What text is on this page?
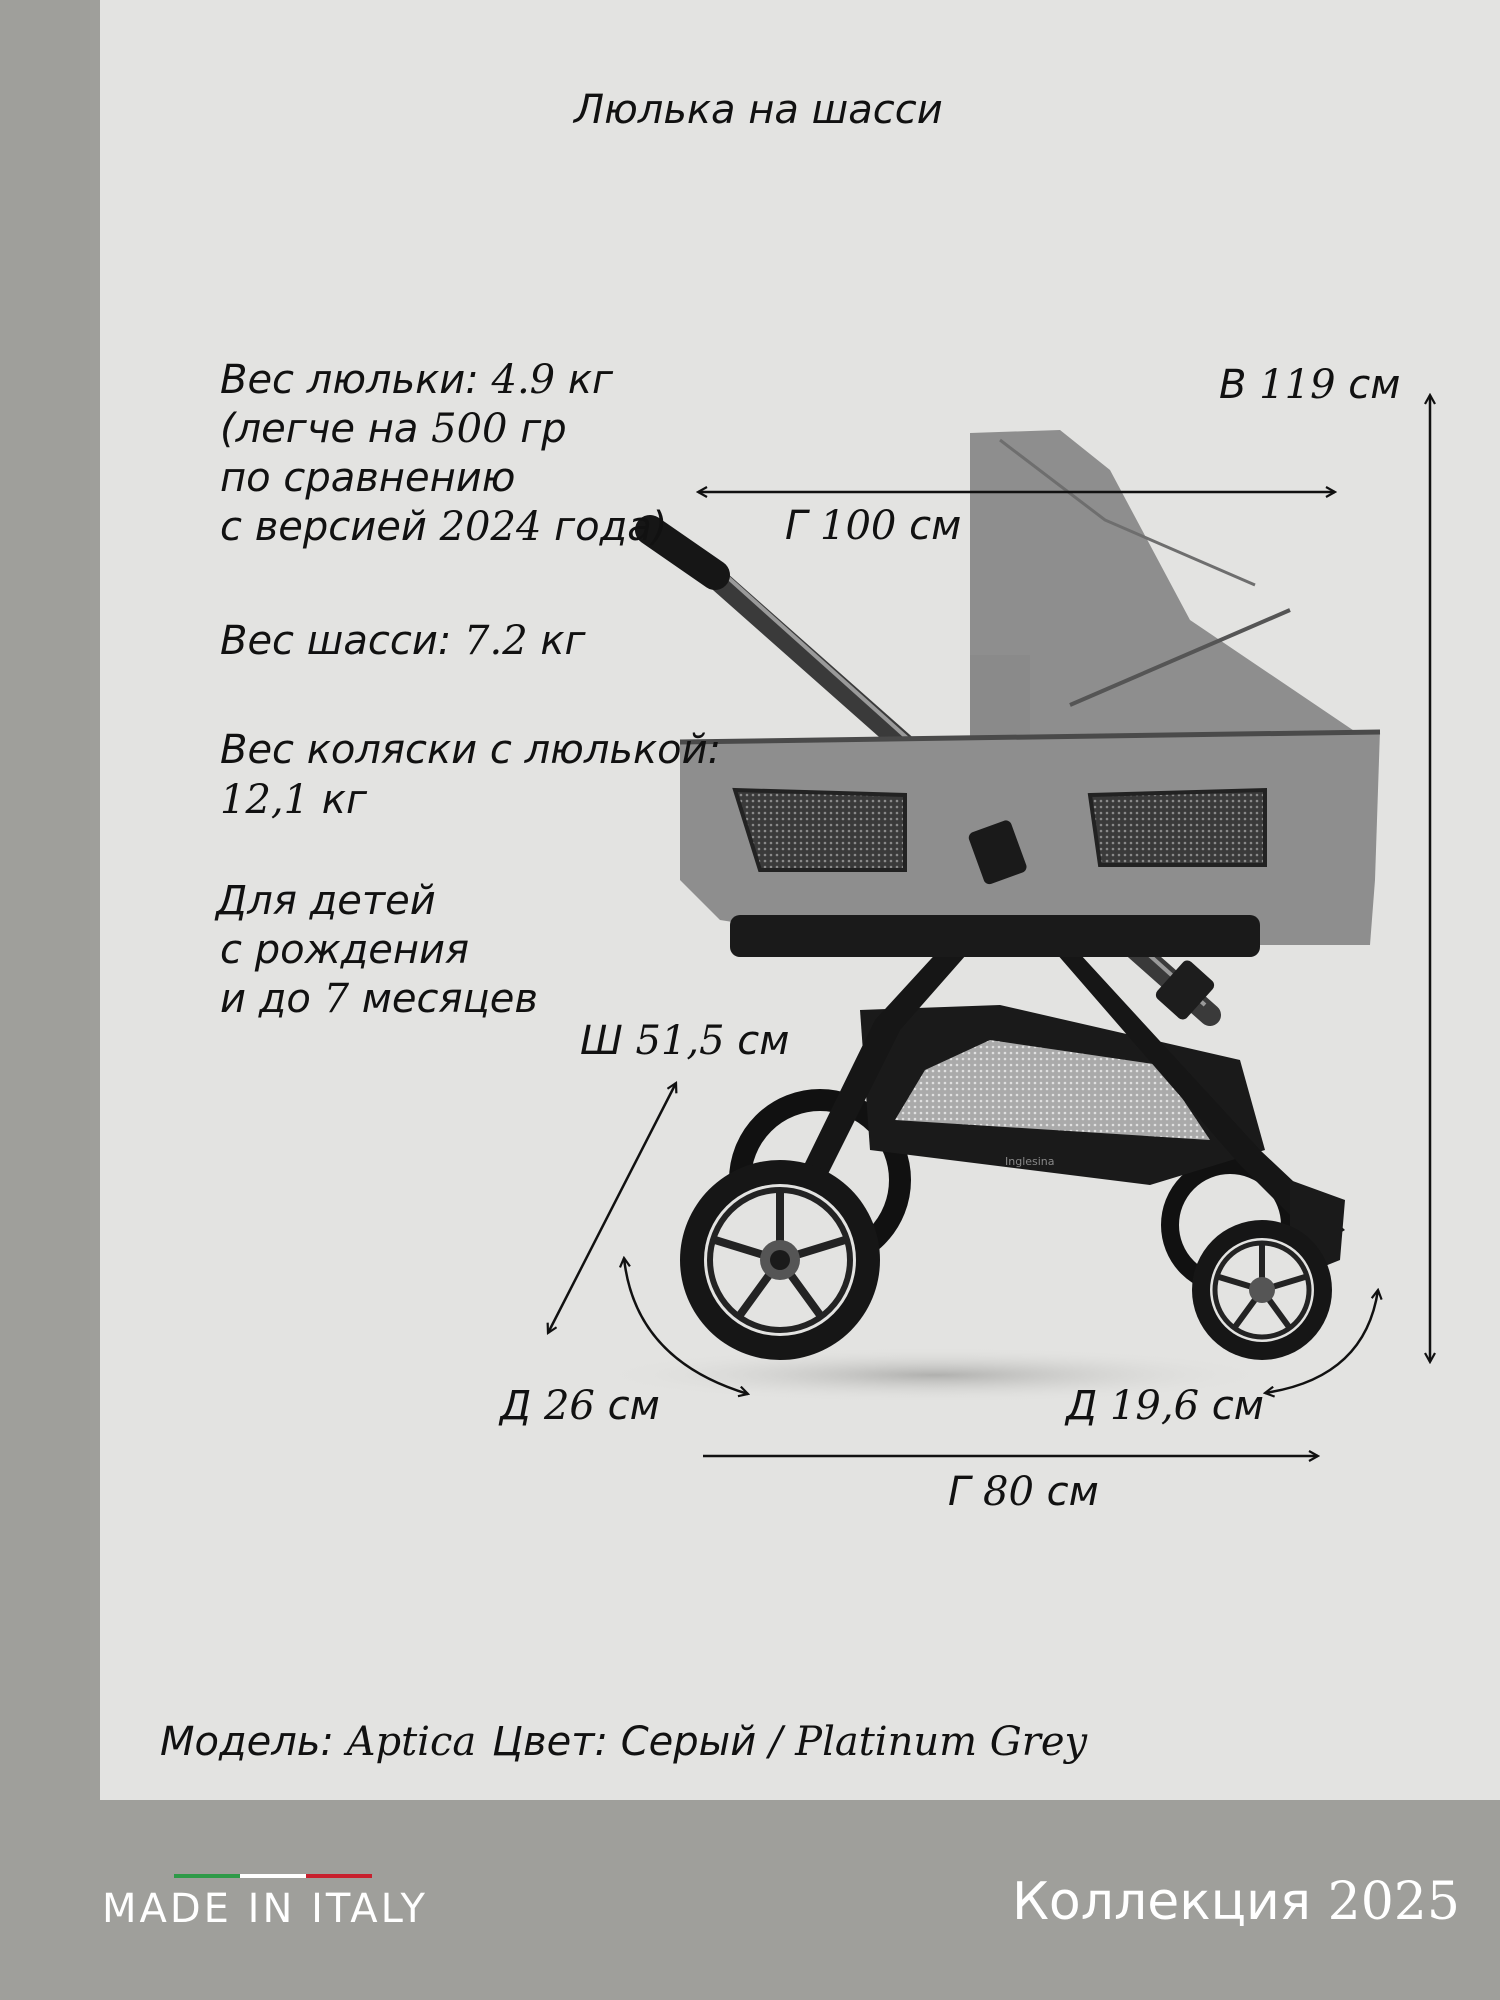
Inglesina
Люлька на шасси
Вес люльки: 4.9 кг
(легче на 500 гр
по сравнению
с версией 2024 года)
Вес шасси: 7.2 кг
Вес коляски с люлькой:
12,1 кг
Для детей
с рождения
и до 7 месяцев
В 119 см
Г 100 см
Ш 51,5 см
Д 26 см	Д 19,6 см
Г 80 см
Модель: Aptica Цвет: Серый / Platinum Grey
MADE IN ITALY	Коллекция 2025
